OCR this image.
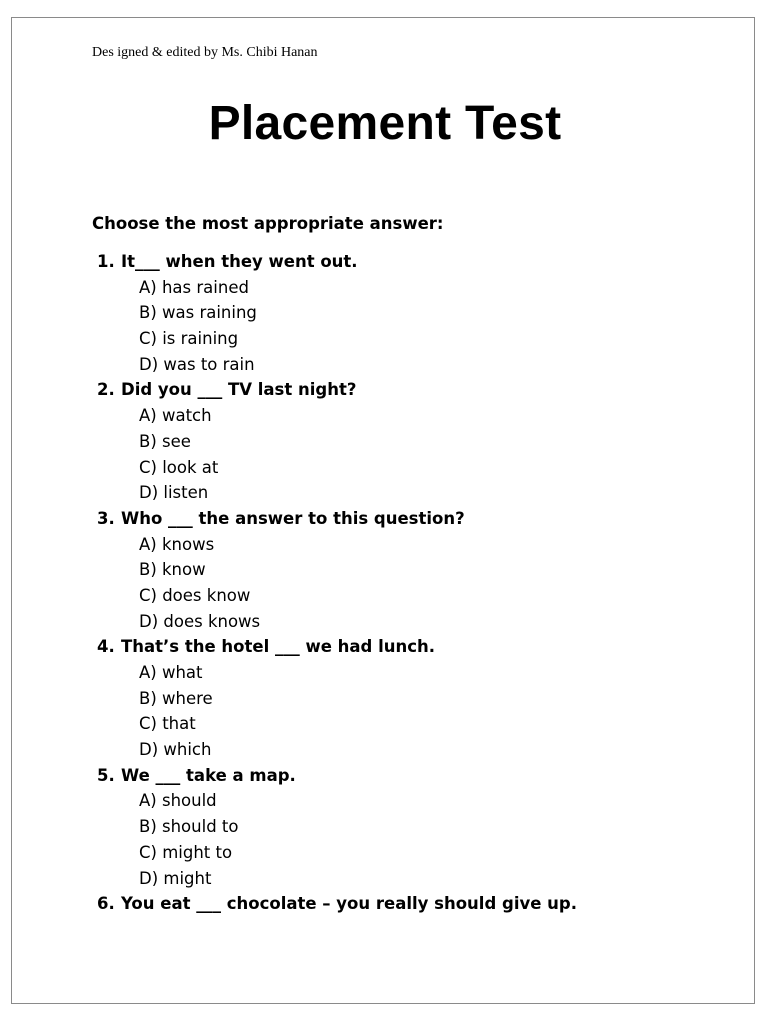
Des igned & edited by Ms. Chibi Hanan
Placement Test
Choose the most appropriate answer:
1. It___ when they went out.
A) has rained
B) was raining
C) is raining
D) was to rain
2. Did you ___ TV last night?
A) watch
B) see
C) look at
D) listen
3. Who ___ the answer to this question?
A) knows
B) know
C) does know
D) does knows
4. That’s the hotel ___ we had lunch.
A) what
B) where
C) that
D) which
5. We ___ take a map.
A) should
B) should to
C) might to
D) might
6. You eat ___ chocolate – you really should give up.
